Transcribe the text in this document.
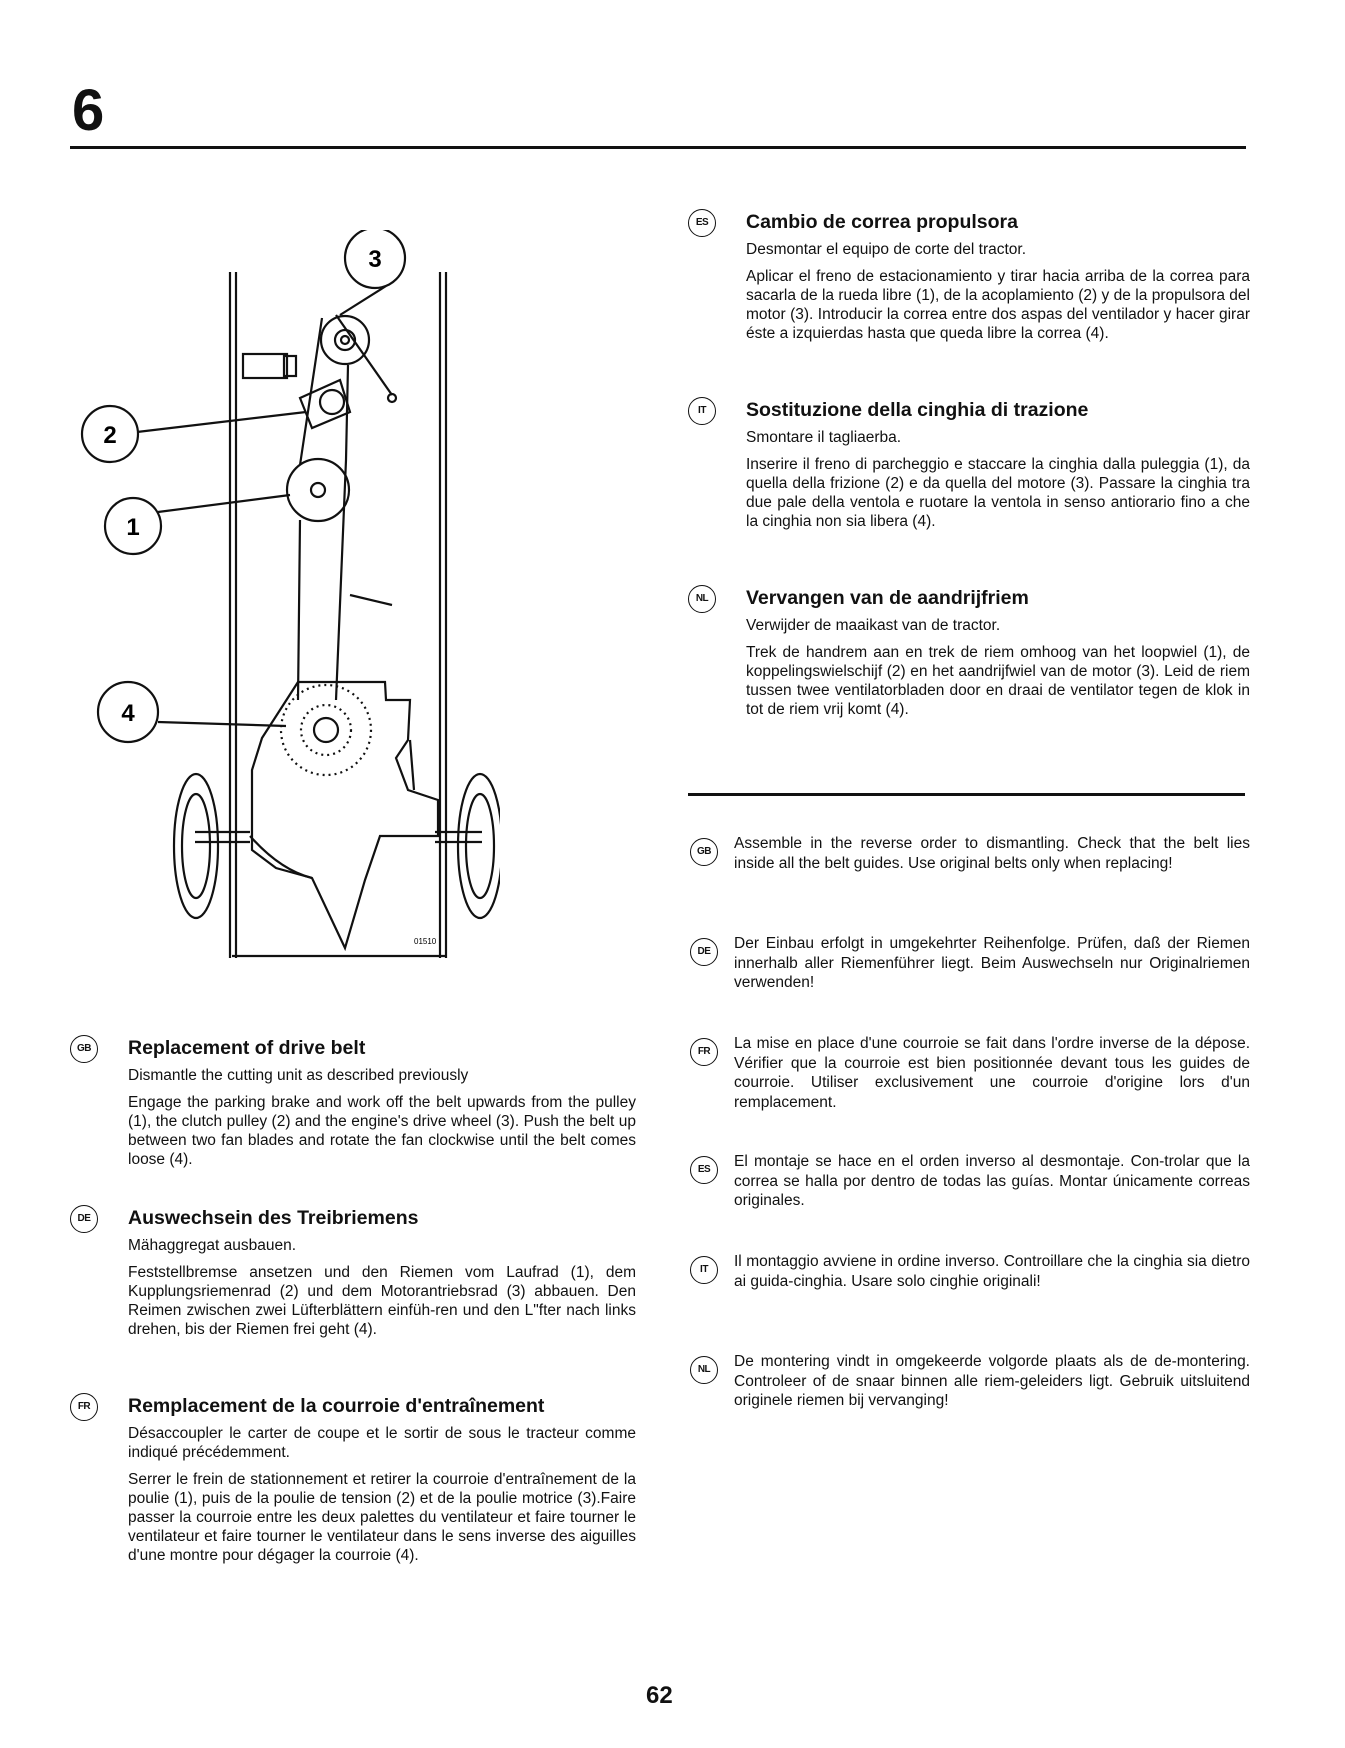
6
3
2
1
4
01510
GB	Replacement of drive belt

Dismantle the cutting unit as described previously

Engage the parking brake and work off the belt upwards from the pulley (1), the clutch pulley (2) and the engine's drive wheel (3). Push the belt up between two fan blades and rotate the fan clockwise until the belt comes loose (4).

DE	Auswechsein des Treibriemens

Mähaggregat ausbauen.

Feststellbremse ansetzen und den Riemen vom Laufrad (1), dem Kupplungsriemenrad (2) und dem Motorantriebsrad (3) abbauen. Den Reimen zwischen zwei Lüfterblättern einfüh-ren und den L"fter nach links drehen, bis der Riemen frei geht (4).

FR	Remplacement de la courroie d'entraînement

Désaccoupler le carter de coupe et le sortir de sous le tracteur comme indiqué précédemment.

Serrer le frein de stationnement et retirer la courroie d'entraînement de la poulie (1), puis de la poulie de tension (2) et de la poulie motrice (3).Faire passer la courroie entre les deux palettes du ventilateur et faire tourner le ventilateur et faire tourner le ventilateur dans le sens inverse des aiguilles d'une montre pour dégager la courroie (4).

ES	Cambio de correa propulsora

Desmontar el equipo de corte del tractor.

Aplicar el freno de estacionamiento y tirar hacia arriba de la correa para sacarla de la rueda libre (1), de la acoplamiento (2) y de la propulsora del motor (3). Introducir la correa entre dos aspas del ventilador y hacer girar éste a izquierdas hasta que queda libre la correa (4).

IT	Sostituzione della cinghia di trazione

Smontare il tagliaerba.

Inserire il freno di parcheggio e staccare la cinghia dalla puleggia (1), da quella della frizione (2) e da quella del motore (3). Passare la cinghia tra due pale della ventola e ruotare la ventola in senso antiorario fino a che la cinghia non sia libera (4).

NL	Vervangen van de aandrijfriem

Verwijder de maaikast van de tractor.

Trek de handrem aan en trek de riem omhoog van het loopwiel (1), de koppelingswielschijf (2) en het aandrijfwiel van de motor (3). Leid de riem tussen twee ventilatorbladen door en draai de ventilator tegen de klok in tot de riem vrij komt (4).

GB	Assemble in the reverse order to dismantling. Check that the belt lies inside all the belt guides. Use original belts only when replacing!

DE	Der Einbau erfolgt in umgekehrter Reihenfolge. Prüfen, daß der Riemen innerhalb aller Riemenführer liegt. Beim Auswechseln nur Originalriemen verwenden!

FR	La mise en place d'une courroie se fait dans l'ordre inverse de la dépose. Vérifier que la courroie est bien positionnée devant tous les guides de courroie. Utiliser exclusivement une courroie d'origine lors d'un remplacement.

ES	El montaje se hace en el orden inverso al desmontaje. Con-trolar que la correa se halla por dentro de todas las guías. Montar únicamente correas originales.

IT	Il montaggio avviene in ordine inverso. Controillare che la cinghia sia dietro ai guida-cinghia. Usare solo cinghie originali!

NL	De montering vindt in omgekeerde volgorde plaats als de de-montering. Controleer of de snaar binnen alle riem-geleiders ligt. Gebruik uitsluitend originele riemen bij vervanging!

62
